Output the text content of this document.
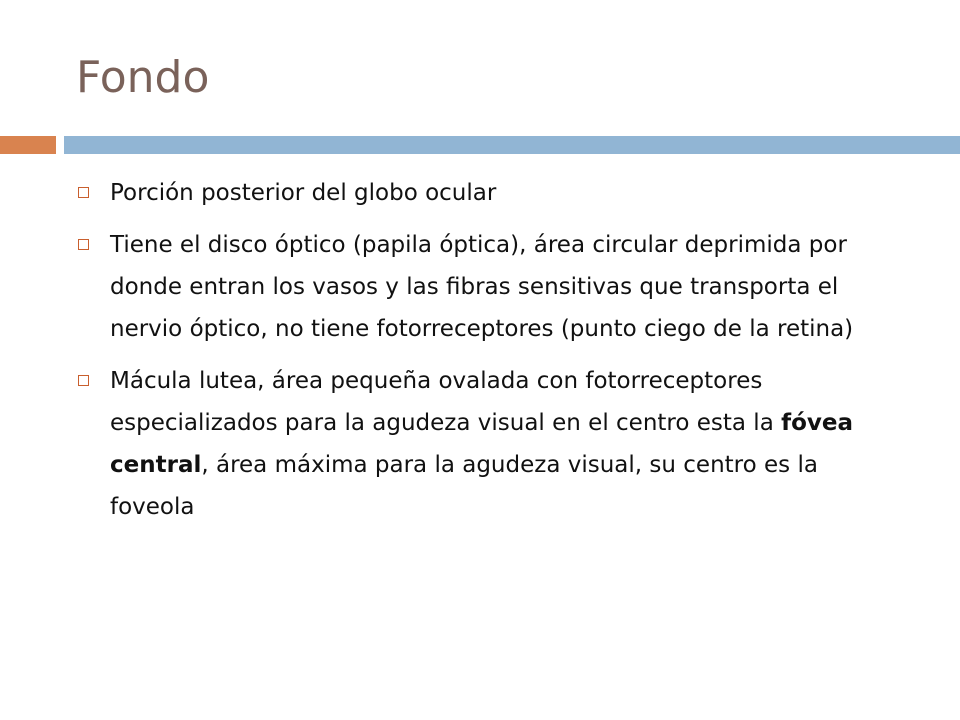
Fondo
Porción posterior del globo ocular
Tiene el disco óptico (papila óptica), área circular deprimida por donde entran los vasos y las fibras sensitivas que transporta el nervio óptico, no tiene fotorreceptores (punto ciego de la retina)
Mácula lutea, área pequeña ovalada con fotorreceptores especializados para la agudeza visual en el centro esta la fóvea central, área máxima para la agudeza visual, su centro es la foveola
